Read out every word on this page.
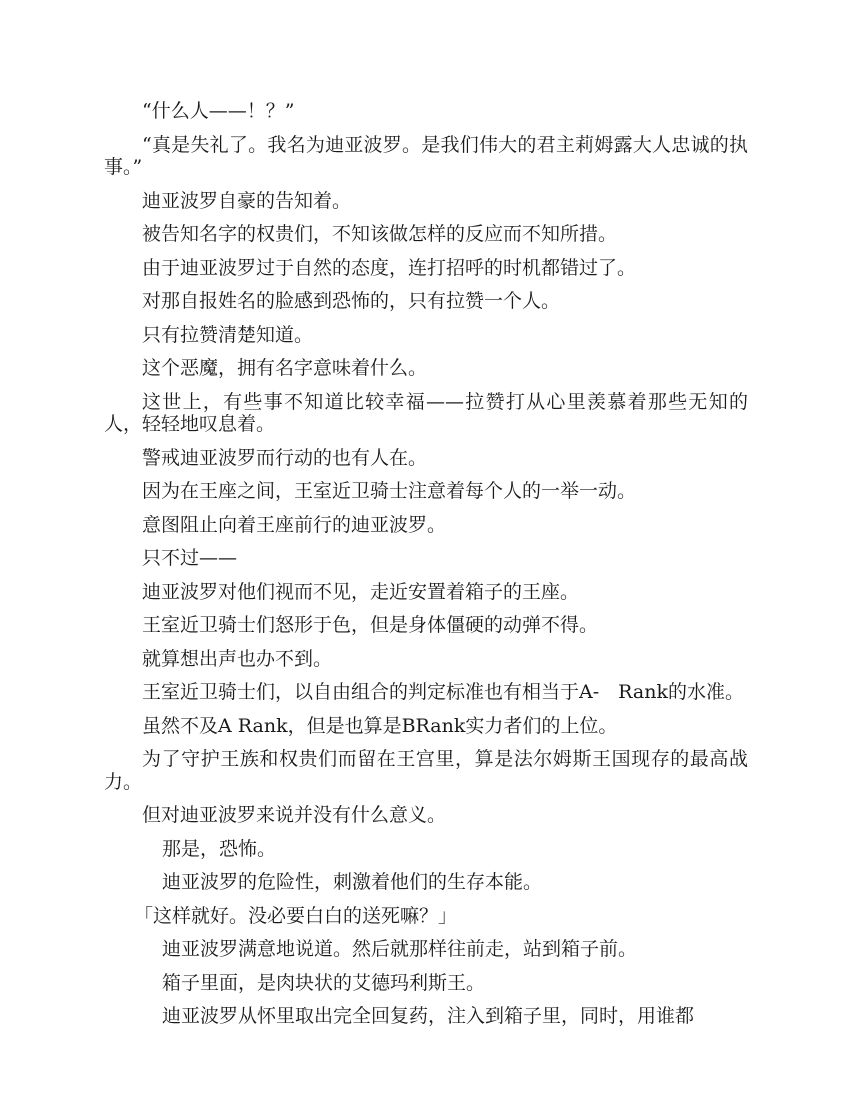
“什么人——！？”

“真是失礼了。我名为迪亚波罗。是我们伟大的君主莉姆露大人忠诚的执事。”

迪亚波罗自豪的告知着。

被告知名字的权贵们，不知该做怎样的反应而不知所措。

由于迪亚波罗过于自然的态度，连打招呼的时机都错过了。

对那自报姓名的脸感到恐怖的，只有拉赞一个人。

只有拉赞清楚知道。

这个恶魔，拥有名字意味着什么。

这世上，有些事不知道比较幸福——拉赞打从心里羡慕着那些无知的人，轻轻地叹息着。

警戒迪亚波罗而行动的也有人在。

因为在王座之间，王室近卫骑士注意着每个人的一举一动。

意图阻止向着王座前行的迪亚波罗。

只不过——

迪亚波罗对他们视而不见，走近安置着箱子的王座。

王室近卫骑士们怒形于色，但是身体僵硬的动弹不得。

就算想出声也办不到。

王室近卫骑士们，以自由组合的判定标准也有相当于A-　Rank的水准。

虽然不及A Rank，但是也算是BRank实力者们的上位。

为了守护王族和权贵们而留在王宫里，算是法尔姆斯王国现存的最高战力。

但对迪亚波罗来说并没有什么意义。

那是，恐怖。

迪亚波罗的危险性，刺激着他们的生存本能。

「这样就好。没必要白白的送死嘛？」

迪亚波罗满意地说道。然后就那样往前走，站到箱子前。

箱子里面，是肉块状的艾德玛利斯王。

迪亚波罗从怀里取出完全回复药，注入到箱子里，同时，用谁都
